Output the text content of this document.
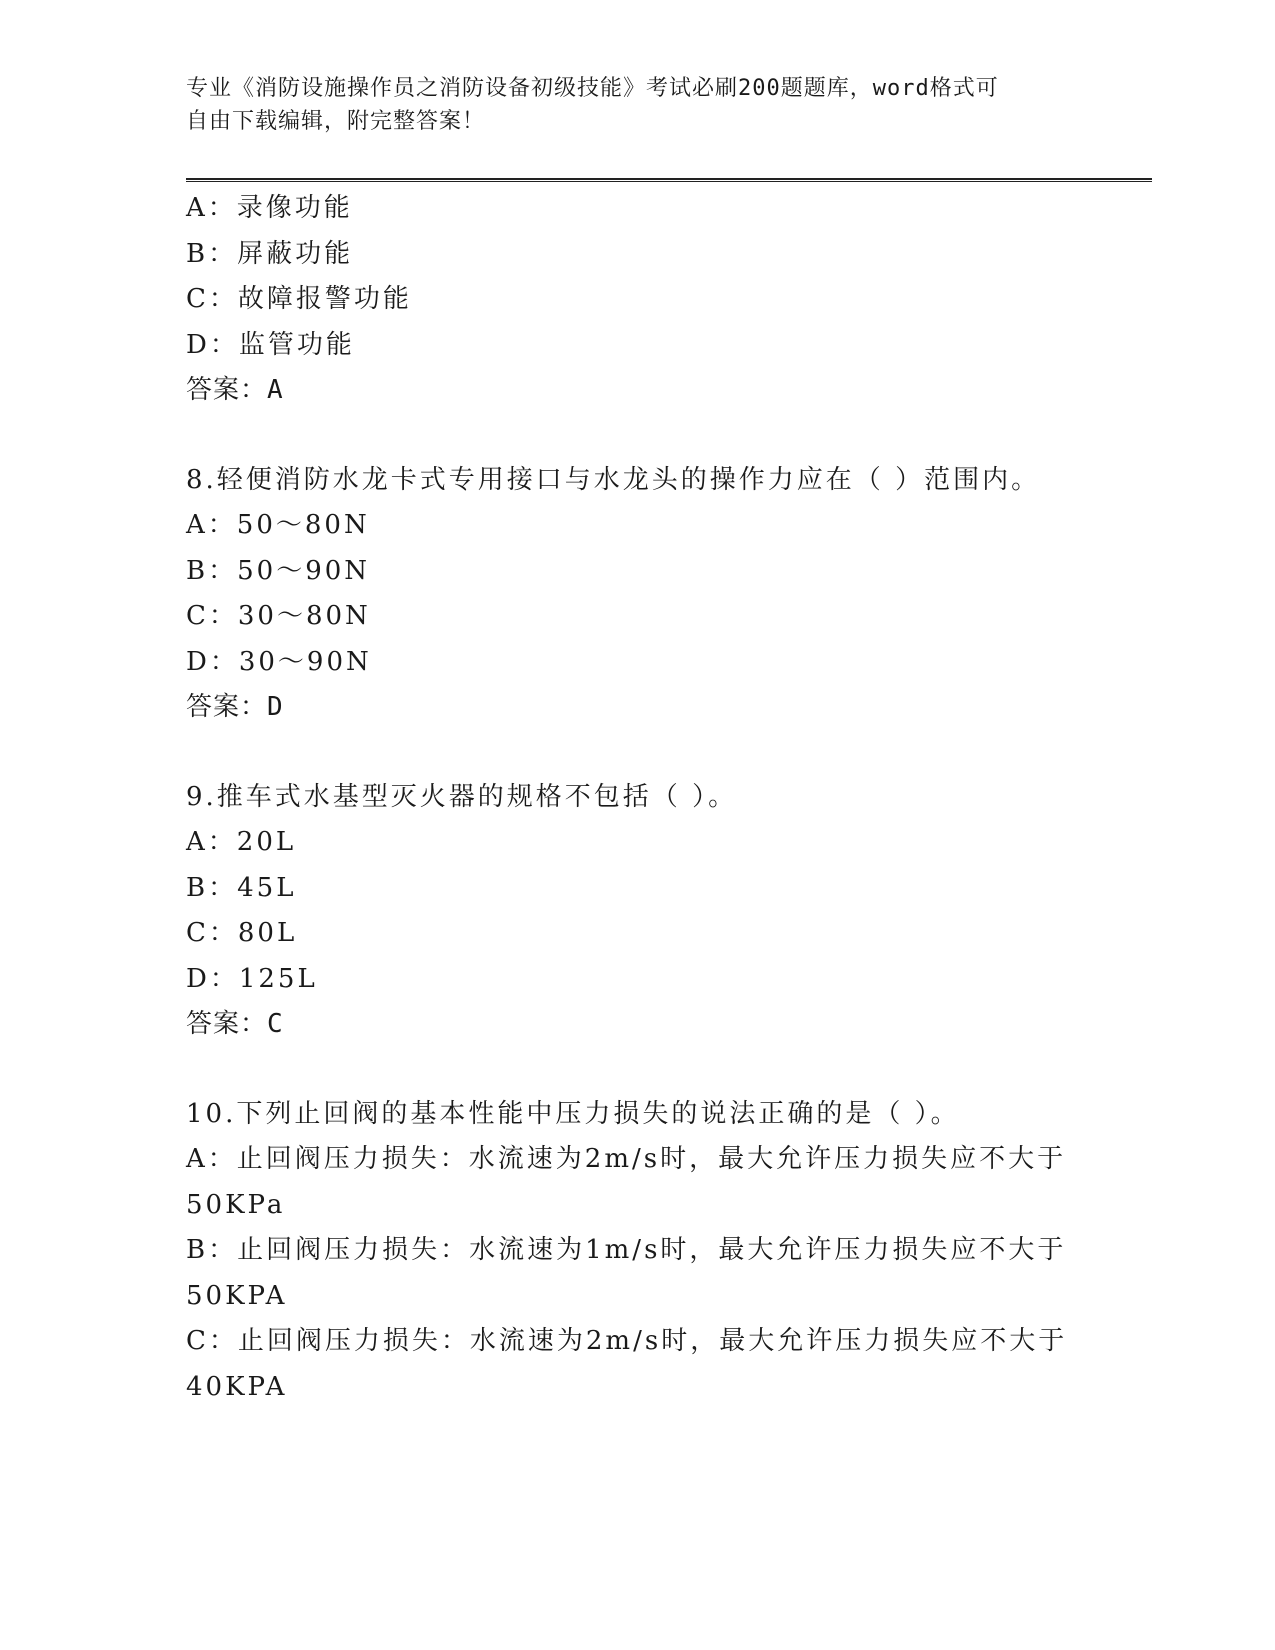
专业《消防设施操作员之消防设备初级技能》考试必刷200题题库，word格式可
自由下载编辑，附完整答案！
A：录像功能
B：屏蔽功能
C：故障报警功能
D：监管功能
答案：A
8.轻便消防水龙卡式专用接口与水龙头的操作力应在（ ）范围内。
A：50～80N
B：50～90N
C：30～80N
D：30～90N
答案：D
9.推车式水基型灭火器的规格不包括（ ）。
A：20L
B：45L
C：80L
D：125L
答案：C
10.下列止回阀的基本性能中压力损失的说法正确的是（ ）。
A：止回阀压力损失：水流速为2m/s时，最大允许压力损失应不大于
50KPa
B：止回阀压力损失：水流速为1m/s时，最大允许压力损失应不大于
50KPA
C：止回阀压力损失：水流速为2m/s时，最大允许压力损失应不大于
40KPA
